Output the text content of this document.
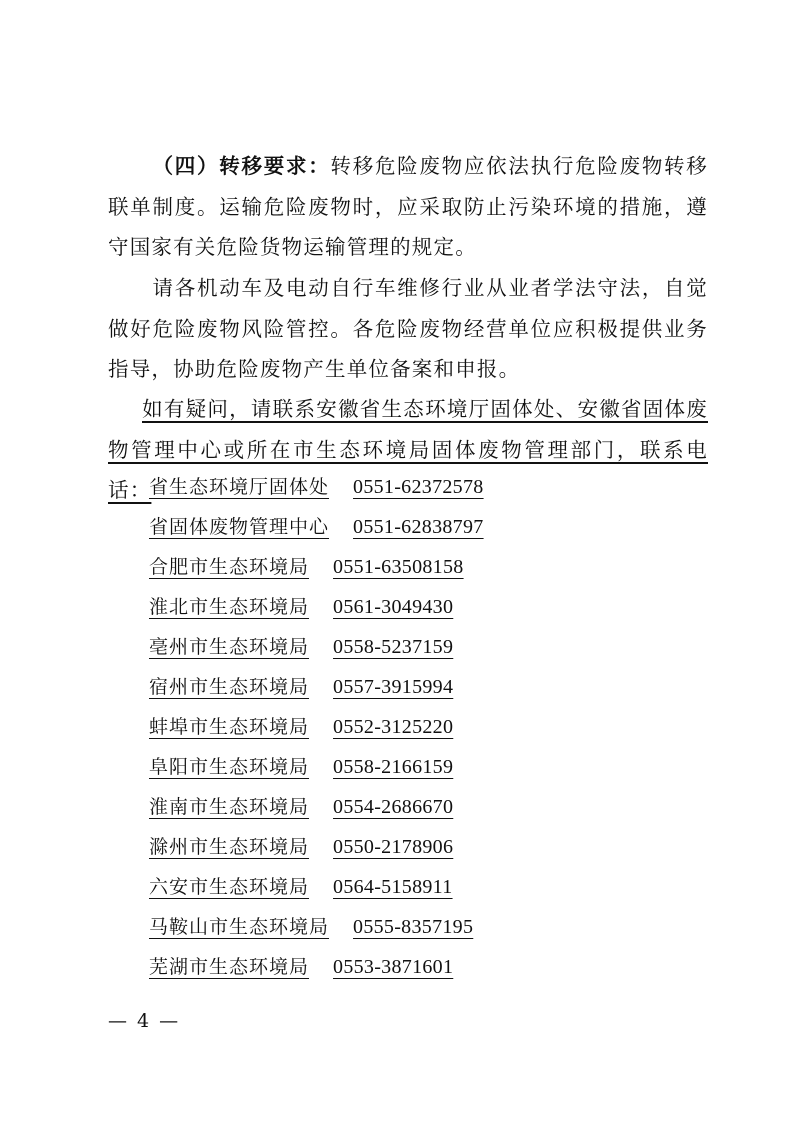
（四）转移要求：转移危险废物应依法执行危险废物转移联单制度。运输危险废物时，应采取防止污染环境的措施，遵守国家有关危险货物运输管理的规定。

请各机动车及电动自行车维修行业从业者学法守法，自觉做好危险废物风险管控。各危险废物经营单位应积极提供业务指导，协助危险废物产生单位备案和申报。

如有疑问，请联系安徽省生态环境厅固体处、安徽省固体废物管理中心或所在市生态环境局固体废物管理部门，联系电话：

省生态环境厅固体处 0551-62372578
省固体废物管理中心 0551-62838797
合肥市生态环境局 0551-63508158
淮北市生态环境局 0561-3049430
亳州市生态环境局 0558-5237159
宿州市生态环境局 0557-3915994
蚌埠市生态环境局 0552-3125220
阜阳市生态环境局 0558-2166159
淮南市生态环境局 0554-2686670
滁州市生态环境局 0550-2178906
六安市生态环境局 0564-5158911
马鞍山市生态环境局 0555-8357195
芜湖市生态环境局 0553-3871601
— 4 —
